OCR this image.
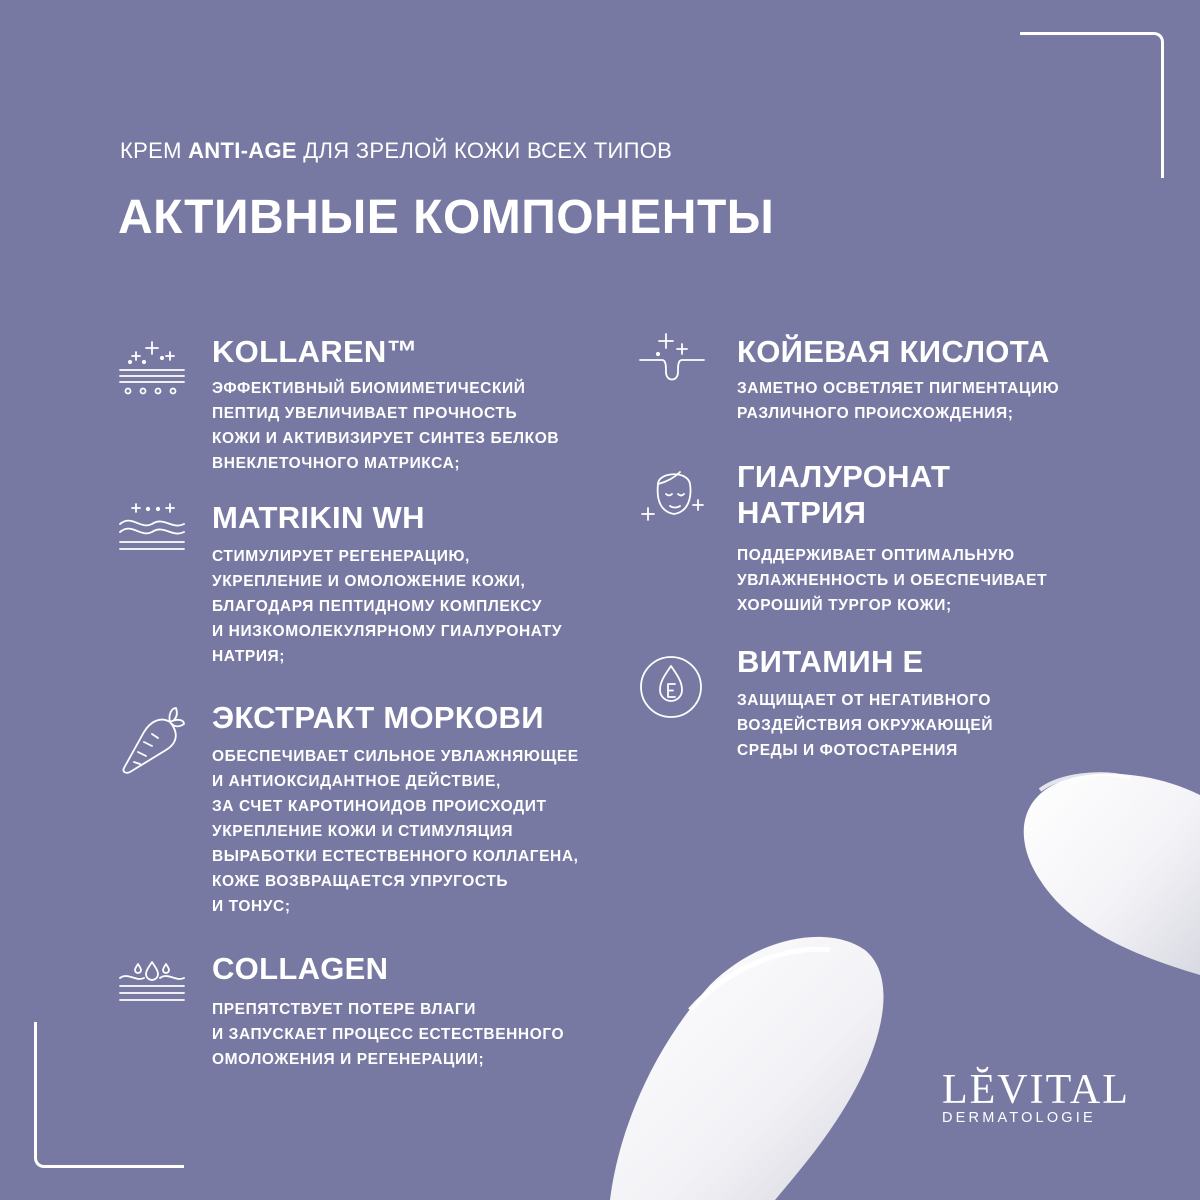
КРЕМ ANTI-AGE ДЛЯ ЗРЕЛОЙ КОЖИ ВСЕХ ТИПОВ
АКТИВНЫЕ КОМПОНЕНТЫ
KOLLAREN™

ЭФФЕКТИВНЫЙ БИОМИМЕТИЧЕСКИЙ
ПЕПТИД УВЕЛИЧИВАЕТ ПРОЧНОСТЬ
КОЖИ И АКТИВИЗИРУЕТ СИНТЕЗ БЕЛКОВ
ВНЕКЛЕТОЧНОГО МАТРИКСА;

MATRIKIN WH

СТИМУЛИРУЕТ РЕГЕНЕРАЦИЮ,
УКРЕПЛЕНИЕ И ОМОЛОЖЕНИЕ КОЖИ,
БЛАГОДАРЯ ПЕПТИДНОМУ КОМПЛЕКСУ
И НИЗКОМОЛЕКУЛЯРНОМУ ГИАЛУРОНАТУ
НАТРИЯ;

ЭКСТРАКТ МОРКОВИ

ОБЕСПЕЧИВАЕТ СИЛЬНОЕ УВЛАЖНЯЮЩЕЕ
И АНТИОКСИДАНТНОЕ ДЕЙСТВИЕ,
ЗА СЧЕТ КАРОТИНОИДОВ ПРОИСХОДИТ
УКРЕПЛЕНИЕ КОЖИ И СТИМУЛЯЦИЯ
ВЫРАБОТКИ ЕСТЕСТВЕННОГО КОЛЛАГЕНА,
КОЖЕ ВОЗВРАЩАЕТСЯ УПРУГОСТЬ
И ТОНУС;

COLLAGEN

ПРЕПЯТСТВУЕТ ПОТЕРЕ ВЛАГИ
И ЗАПУСКАЕТ ПРОЦЕСС ЕСТЕСТВЕННОГО
ОМОЛОЖЕНИЯ И РЕГЕНЕРАЦИИ;

КОЙЕВАЯ КИСЛОТА

ЗАМЕТНО ОСВЕТЛЯЕТ ПИГМЕНТАЦИЮ
РАЗЛИЧНОГО ПРОИСХОЖДЕНИЯ;

ГИАЛУРОНАТ
НАТРИЯ

ПОДДЕРЖИВАЕТ ОПТИМАЛЬНУЮ
УВЛАЖНЕННОСТЬ И ОБЕСПЕЧИВАЕТ
ХОРОШИЙ ТУРГОР КОЖИ;

ВИТАМИН Е

ЗАЩИЩАЕТ ОТ НЕГАТИВНОГО
ВОЗДЕЙСТВИЯ ОКРУЖАЮЩЕЙ
СРЕДЫ И ФОТОСТАРЕНИЯ

LĔVITAL
DERMATOLOGIE
